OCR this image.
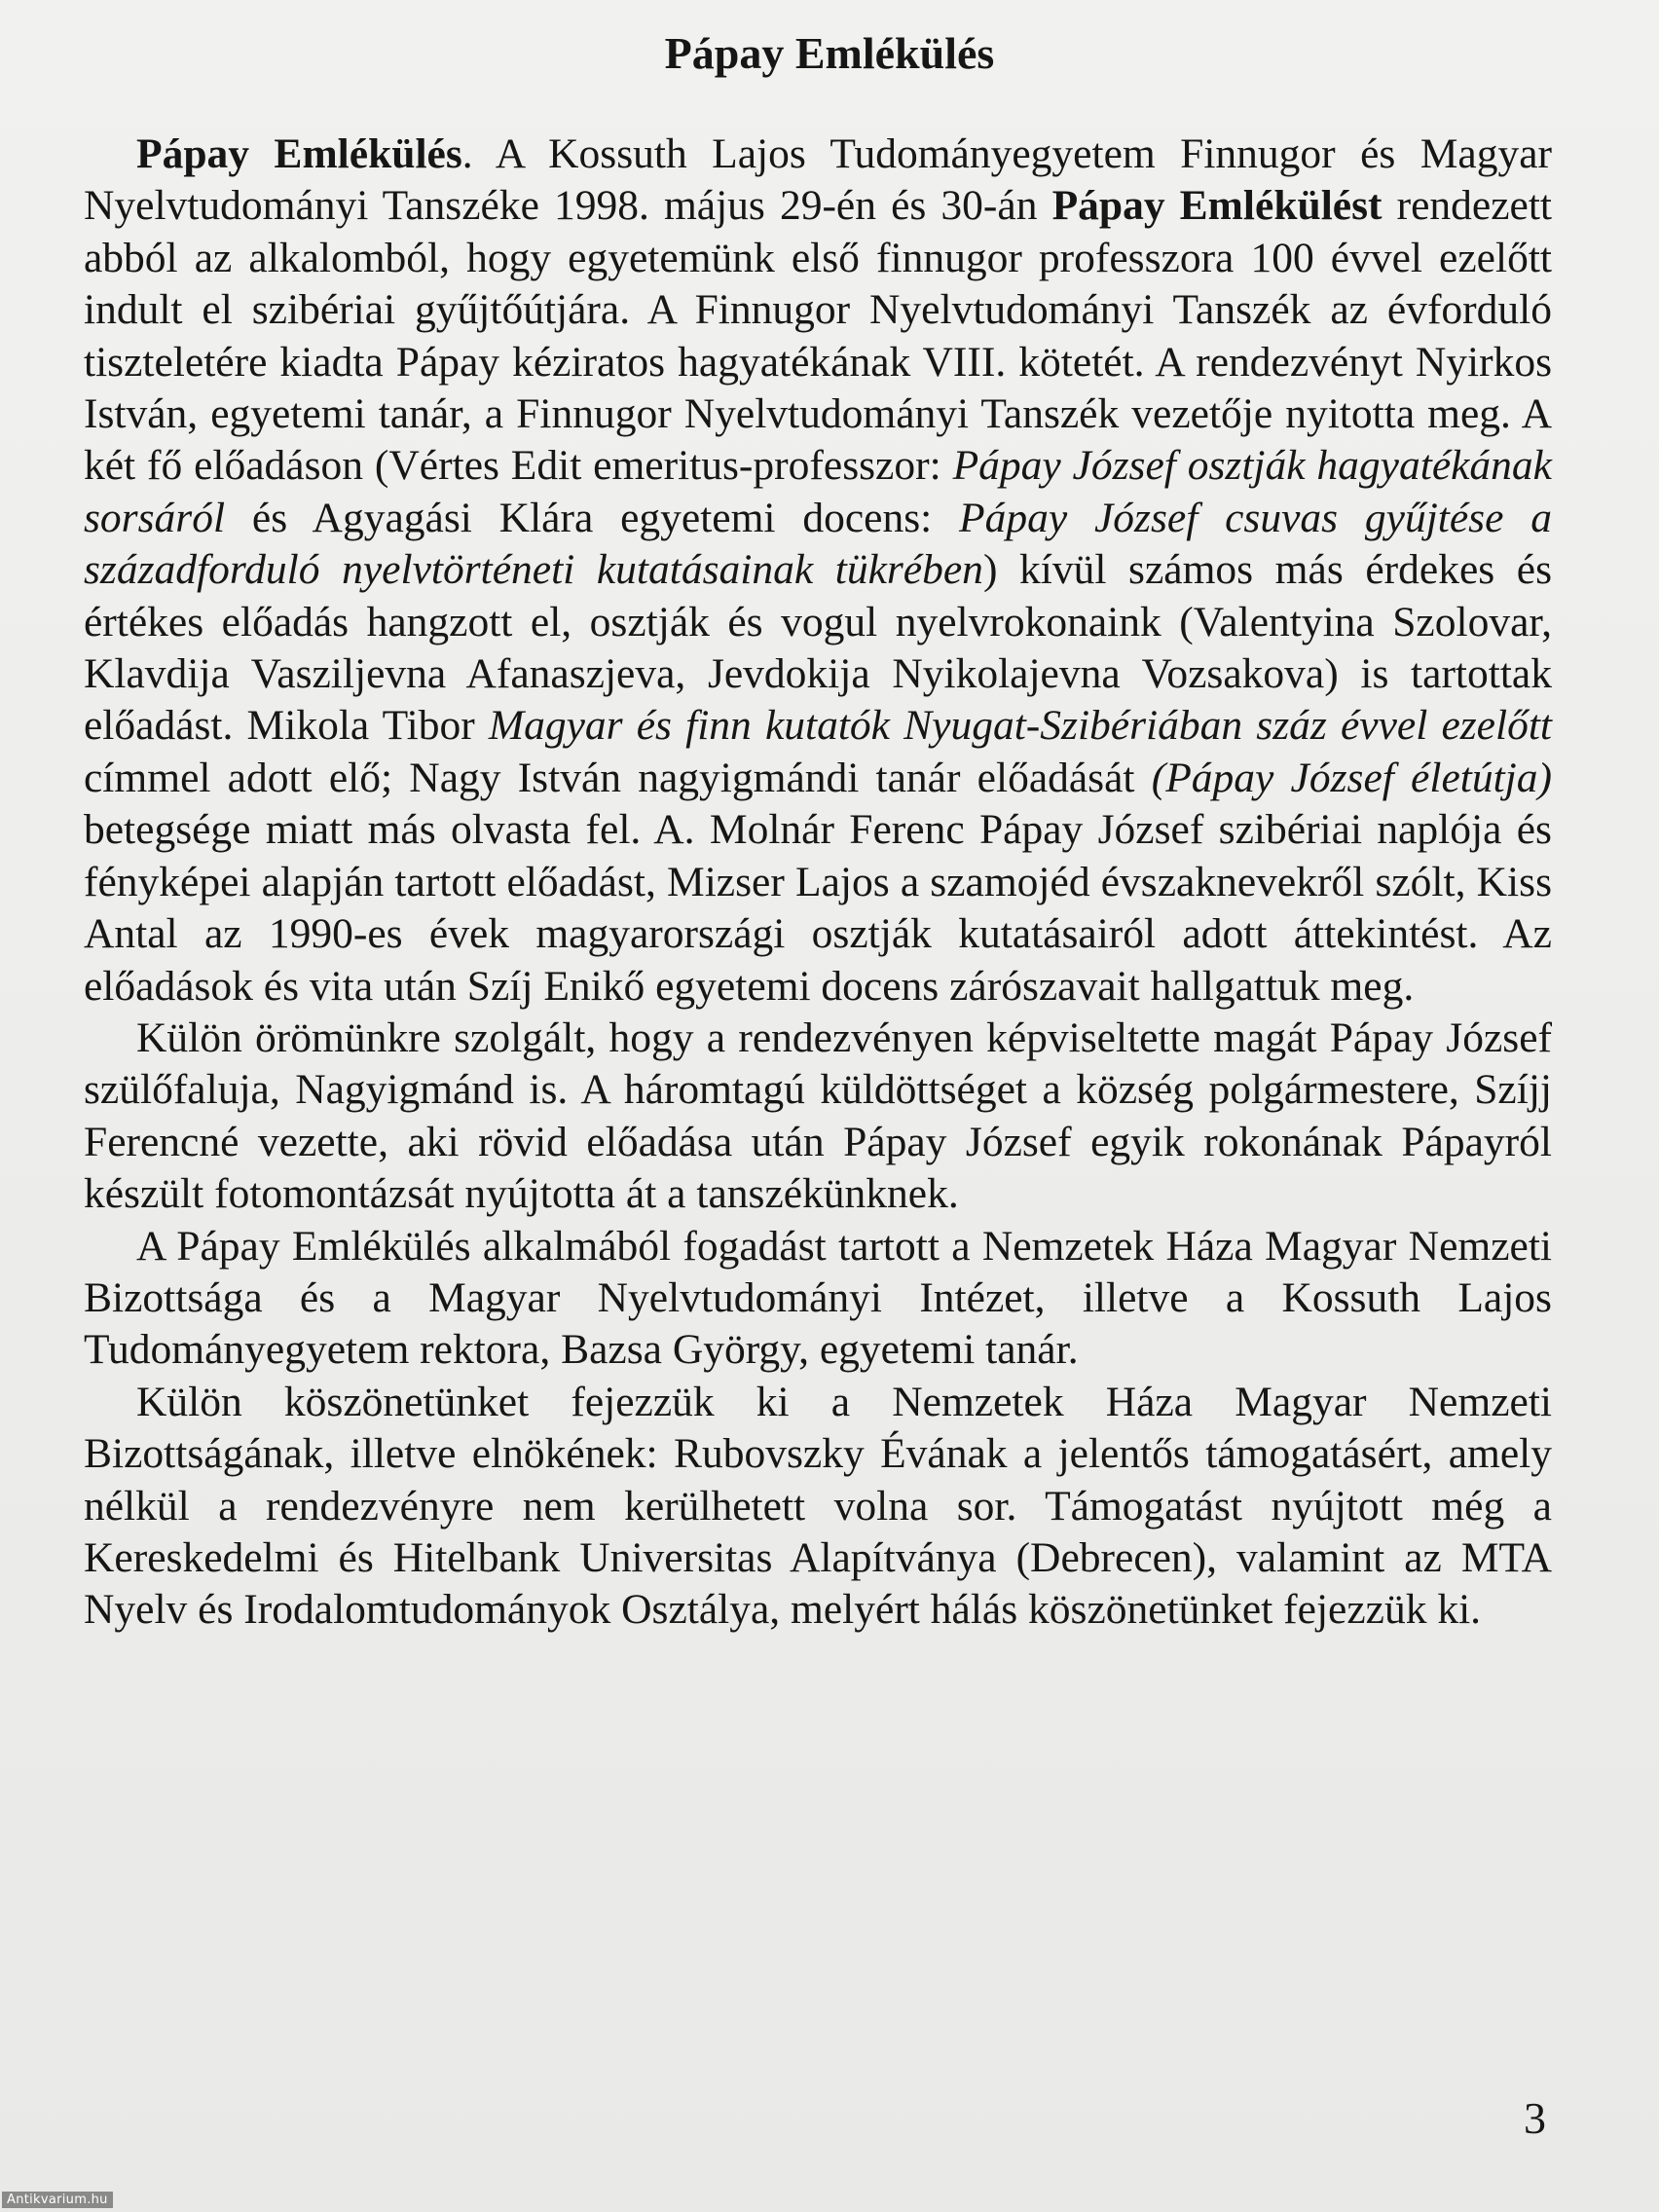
Pápay Emlékülés

Pápay Emlékülés. A Kossuth Lajos Tudományegyetem Finnugor és Magyar Nyelvtudományi Tanszéke 1998. május 29-én és 30-án Pápay Emlékülést rendezett abból az alkalomból, hogy egyetemünk első finnugor professzora 100 évvel ezelőtt indult el szibériai gyűjtőútjára. A Finnugor Nyelvtudományi Tanszék az évforduló tiszteletére kiadta Pápay kéziratos hagyatékának VIII. kötetét. A rendezvényt Nyirkos István, egyetemi tanár, a Finnugor Nyelvtudományi Tanszék vezetője nyitotta meg. A két fő előadáson (Vértes Edit emeritus-professzor: Pápay József osztják hagyatékának sorsáról és Agyagási Klára egyetemi docens: Pápay József csuvas gyűjtése a századforduló nyelvtörténeti kutatásainak tükrében) kívül számos más érdekes és értékes előadás hangzott el, osztják és vogul nyelvrokonaink (Valentyina Szolovar, Klavdija Vasziljevna Afanaszjeva, Jevdokija Nyikolajevna Vozsakova) is tartottak előadást. Mikola Tibor Magyar és finn kutatók Nyugat-Szibériában száz évvel ezelőtt címmel adott elő; Nagy István nagyigmándi tanár előadását (Pápay József életútja) betegsége miatt más olvasta fel. A. Molnár Ferenc Pápay József szibériai naplója és fényképei alapján tartott előadást, Mizser Lajos a szamojéd évszaknevekről szólt, Kiss Antal az 1990-es évek magyarországi osztják kutatásairól adott áttekintést. Az előadások és vita után Szíj Enikő egyetemi docens zárószavait hallgattuk meg.

Külön örömünkre szolgált, hogy a rendezvényen képviseltette magát Pápay József szülőfaluja, Nagyigmánd is. A háromtagú küldöttséget a község polgármestere, Szíjj Ferencné vezette, aki rövid előadása után Pápay József egyik rokonának Pápayról készült fotomontázsát nyújtotta át a tanszékünknek.

A Pápay Emlékülés alkalmából fogadást tartott a Nemzetek Háza Magyar Nemzeti Bizottsága és a Magyar Nyelvtudományi Intézet, illetve a Kossuth Lajos Tudományegyetem rektora, Bazsa György, egyetemi tanár.

Külön köszönetünket fejezzük ki a Nemzetek Háza Magyar Nemzeti Bizottságának, illetve elnökének: Rubovszky Évának a jelentős támogatásért, amely nélkül a rendezvényre nem kerülhetett volna sor. Támogatást nyújtott még a Kereskedelmi és Hitelbank Universitas Alapítványa (Debrecen), valamint az MTA Nyelv és Irodalomtudományok Osztálya, melyért hálás köszönetünket fejezzük ki.

3
Antikvarium.hu
